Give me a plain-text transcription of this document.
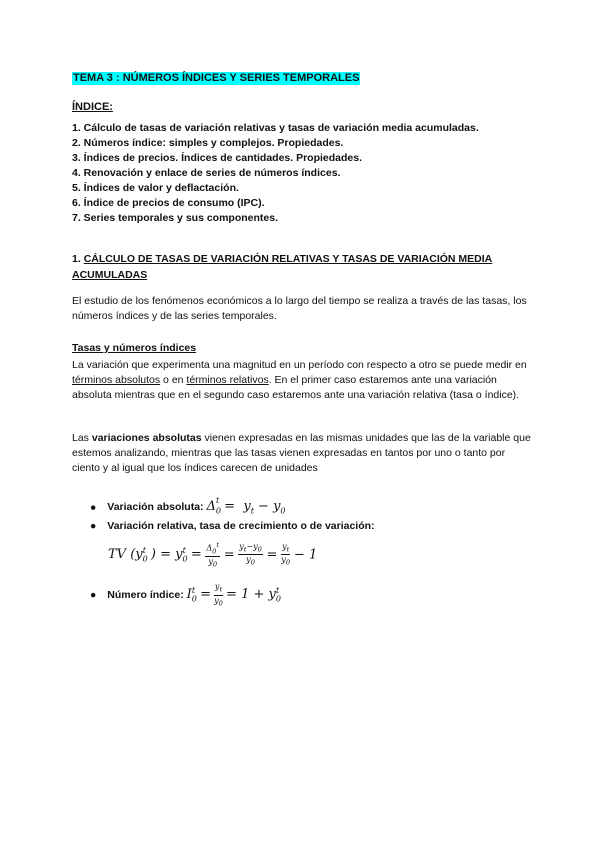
TEMA 3 : NÚMEROS ÍNDICES Y SERIES TEMPORALES
ÍNDICE:
1. Cálculo de tasas de variación relativas y tasas de variación media acumuladas.
2. Números índice: simples y complejos. Propiedades.
3. Índices de precios. Índices de cantidades. Propiedades.
4. Renovación y enlace de series de números índices.
5. Índices de valor y deflactación.
6. Índice de precios de consumo (IPC).
7. Series temporales y sus componentes.
1. CÁLCULO DE TASAS DE VARIACIÓN RELATIVAS Y TASAS DE VARIACIÓN MEDIA ACUMULADAS
El estudio de los fenómenos económicos a lo largo del tiempo se realiza a través de las tasas, los números índices y de las series temporales.
Tasas y números índices
La variación que experimenta una magnitud en un período con respecto a otro se puede medir en términos absolutos o en términos relativos. En el primer caso estaremos ante una variación absoluta mientras que en el segundo caso estaremos ante una variación relativa (tasa o índice).
Las variaciones absolutas vienen expresadas en las mismas unidades que las de la variable que estemos analizando, mientras que las tasas vienen expresadas en tantos por uno o tanto por ciento y al igual que los índices carecen de unidades
● Variación absoluta: $\Delta_0^t = y_t - y_0$
● Variación relativa, tasa de crecimiento o de variación:
TV ($y_0^t$ ) = $y_0^t = \frac{\Delta_0^t}{y_0} = \frac{y_t-y_0}{y_0} = \frac{y_t}{y_0} - 1$
● Número índice: $I_0^t = \frac{y_t}{y_0} = 1 + y_0^t$
